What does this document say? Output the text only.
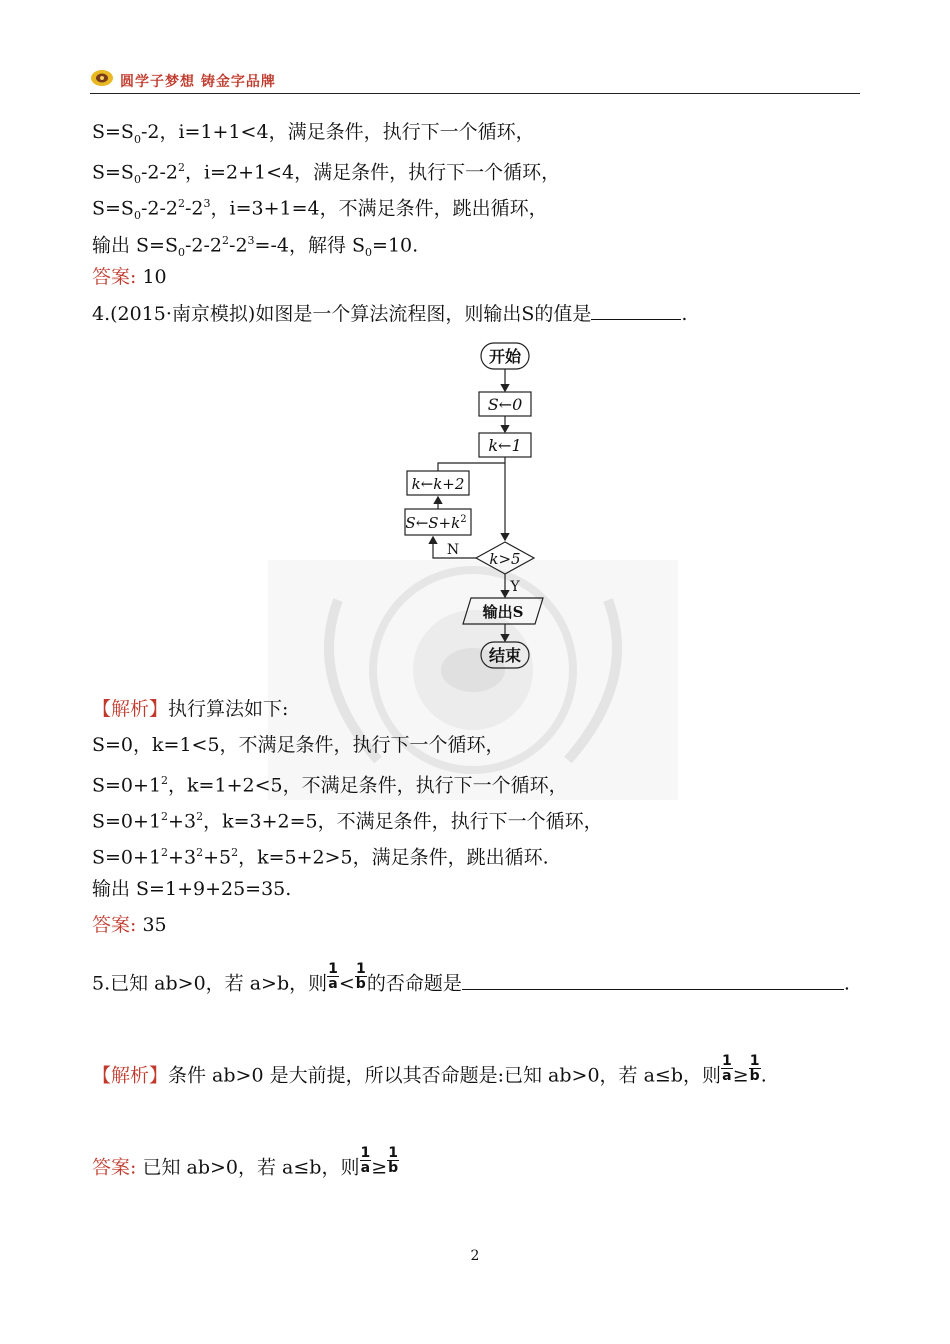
圆学子梦想 铸金字品牌
$S=S_0-2$，i=1+1<4，满足条件，执行下一个循环，
$S=S_0-2-2^2$，i=2+1<4，满足条件，执行下一个循环，
$S=S_0-2-2^2-2^3$，i=3+1=4，不满足条件，跳出循环，
输出 $S=S_0-2-2^2-2^3=-4$，解得 $S_0=10$.
答案: 10
4.(2015·南京模拟)如图是一个算法流程图，则输出S的值是	.
开始
S←0
k←1
k←k+2
$S\leftarrow S+k^2$
k>5
N
Y
输出S
结束
【解析】执行算法如下:
S=0，k=1<5，不满足条件，执行下一个循环，
$S=0+1^2$，k=1+2<5，不满足条件，执行下一个循环，
$S=0+1^2+3^2$，k=3+2=5，不满足条件，执行下一个循环，
$S=0+1^2+3^2+5^2$，k=5+2>5，满足条件，跳出循环.
输出 S=1+9+25=35.
答案: 35
5.已知 ab>0，若 a>b，则 $\frac{1}{a} < \frac{1}{b}$ 的否命题是	.
【解析】条件 ab>0 是大前提，所以其否命题是:已知 ab>0，若 a≤b，则 $\frac{1}{a} \ge \frac{1}{b}$ .
答案: 已知 ab>0，若 a≤b，则 $\frac{1}{a} \ge \frac{1}{b}$
2
